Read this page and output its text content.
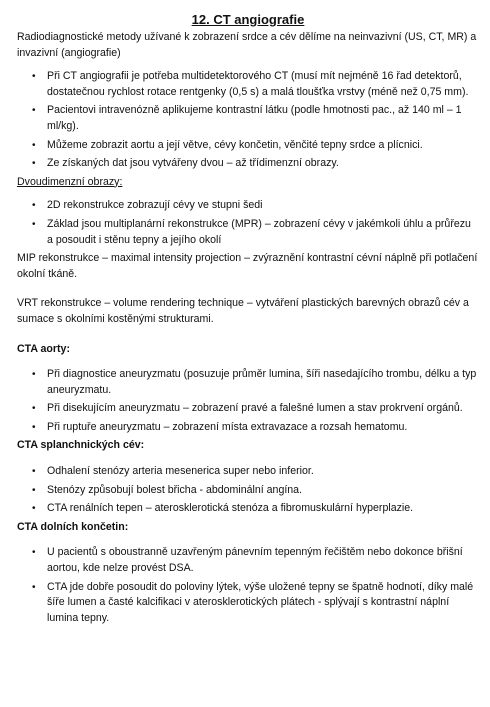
12. CT angiografie

Radiodiagnostické metody užívané k zobrazení srdce a cév dělíme na neinvazivní (US, CT, MR) a invazivní (angiografie)

• Při CT angiografii je potřeba multidetektorového CT (musí mít nejméně 16 řad detektorů, dostatečnou rychlost rotace rentgenky (0,5 s) a malá tloušťka vrstvy (méně než 0,75 mm).
• Pacientovi intravenózně aplikujeme kontrastní látku (podle hmotnosti pac., až 140 ml – 1 ml/kg).
• Můžeme zobrazit aortu a její větve, cévy končetin, věnčité tepny srdce a plícnici.
• Ze získaných dat jsou vytvářeny dvou – až třídimenzní obrazy.

Dvoudimenzní obrazy:

• 2D rekonstrukce zobrazují cévy ve stupni šedi
• Základ jsou multiplanární rekonstrukce (MPR) – zobrazení cévy v jakémkoli úhlu a průřezu a posoudit i stěnu tepny a jejího okolí

MIP rekonstrukce – maximal intensity projection – zvýraznění kontrastní cévní náplně při potlačení okolní tkáně.

VRT rekonstrukce – volume rendering technique – vytváření plastických barevných obrazů cév a sumace s okolními kostěnými strukturami.

CTA aorty:

• Při diagnostice aneuryzmatu (posuzuje průměr lumina, šíři nasedajícího trombu, délku a typ aneuryzmatu.
• Při disekujícím aneuryzmatu – zobrazení pravé a falešné lumen a stav prokrvení orgánů.
• Při ruptuře aneuryzmatu – zobrazení místa extravazace a rozsah hematomu.

CTA splanchnických cév:

• Odhalení stenózy arteria mesenerica super nebo inferior.
• Stenózy způsobují bolest břicha - abdominální angína.
• CTA renálních tepen – aterosklerotická stenóza a fibromuskulární hyperplazie.

CTA dolních končetin:

• U pacientů s oboustranně uzavřeným pánevním tepenným řečištěm nebo dokonce břišní aortou, kde nelze provést DSA.
• CTA jde dobře posoudit do poloviny lýtek, výše uložené tepny se špatně hodnotí, díky malé šíře lumen a časté kalcifikaci v aterosklerotických plátech - splývají s kontrastní náplní lumina tepny.
